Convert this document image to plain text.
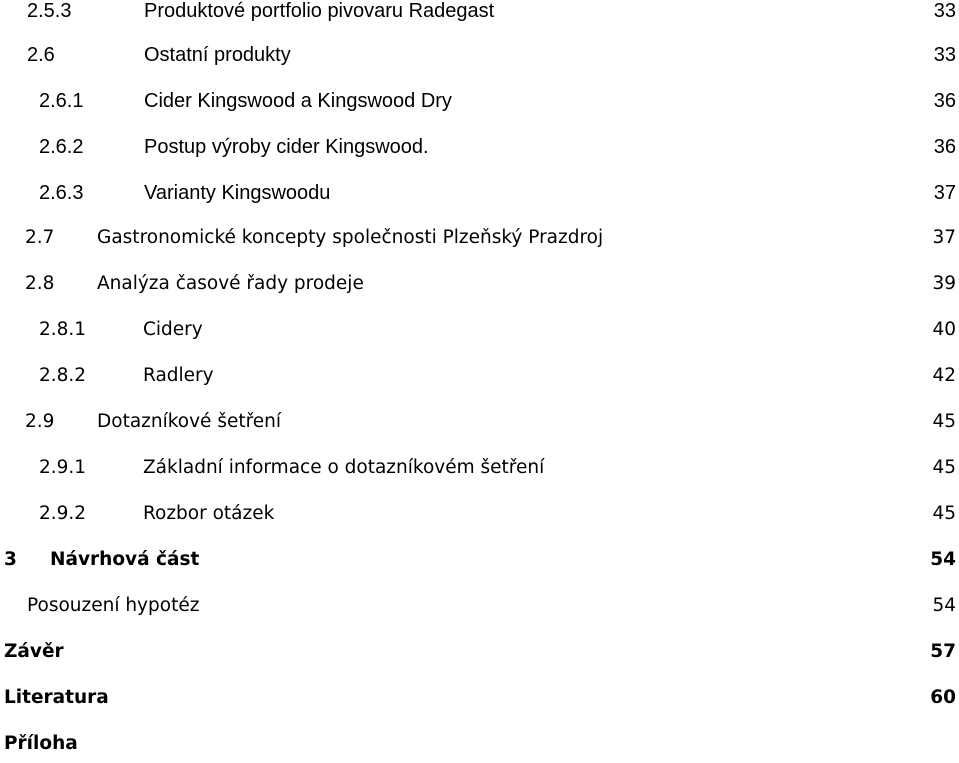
2.5.3	Produktové portfolio pivovaru Radegast	33
2.6	Ostatní produkty	33
2.6.1	Cider Kingswood a Kingswood Dry	36
2.6.2	Postup výroby cider Kingswood.	36
2.6.3	Varianty Kingswoodu	37
2.7	Gastronomické koncepty společnosti Plzeňský Prazdroj	37
2.8	Analýza časové řady prodeje	39
2.8.1	Cidery	40
2.8.2	Radlery	42
2.9	Dotazníkové šetření	45
2.9.1	Základní informace o dotazníkovém šetření	45
2.9.2	Rozbor otázek	45
3	Návrhová část	54
Posouzení hypotéz	54
Závěr	57
Literatura	60
Příloha
